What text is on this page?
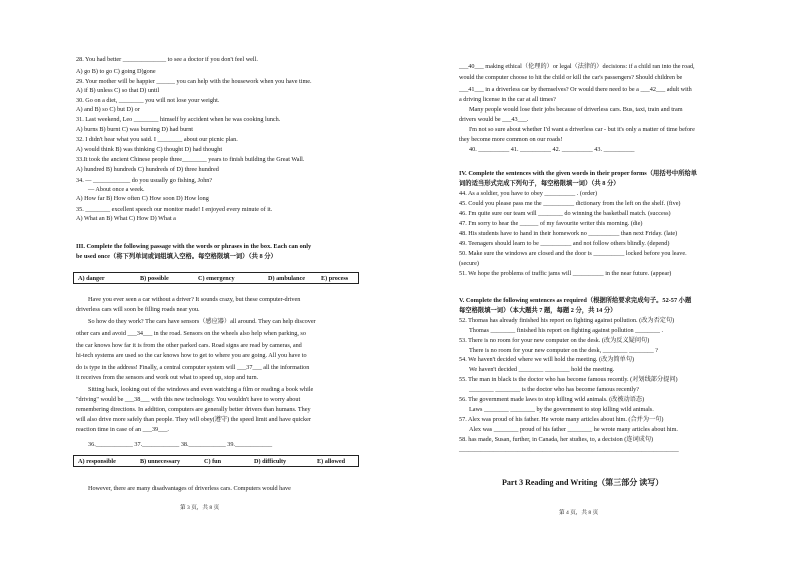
28. You had better ______________ to see a doctor if you don't feel well.
A) go B) to go C) going D)gone
29. Your mother will be happier ______ you can help with the housework when you have time.
A) if B) unless C) so that D) until
30. Go on a diet, ________ you will not lose your weight.
A) and B) so C) but D) or
31. Last weekend, Leo ________ himself by accident when he was cooking lunch.
A) burns B) burnt C) was burning D) had burnt
32. I didn't hear what you said. I ________ about our picnic plan.
A) would think B) was thinking C) thought D) had thought
33.It took the ancient Chinese people three________ years to finish building the Great Wall.
A) hundred B) hundreds C) hundreds of D) three hundred
34. — ____________ do you usually go fishing, John?
— About once a week.
A) How far B) How often C) How soon D) How long
35. ________ excellent speech our monitor made! I enjoyed every minute of it.
A) What an B) What C) How D) What a
III. Complete the following passage with the words or phrases in the box. Each can only
be used once（将下列单词或词组填入空格。每空格限填一词）（共 8 分）
Have you ever seen a car without a driver? It sounds crazy, but these computer-driven
driverless cars will soon be filling roads near you.
So how do they work? The cars have sensors（感应器）all around. They can help discover
other cars and avoid ___34___ in the road. Sensors on the wheels also help when parking, so
the car knows how far it is from the other parked cars. Road signs are read by cameras, and
hi-tech systems are used so the car knows how to get to where you are going. All you have to
do is type in the address! Finally, a central computer system will ___37___ all the information
it receives from the sensors and work out what to speed up, stop and turn.
Sitting back, looking out of the windows and even watching a film or reading a book while
"driving" would be ___38___ with this new technology. You wouldn't have to worry about
remembering directions. In addition, computers are generally better drivers than humans. They
will also drive more safely than people. They will obey(遵守) the speed limit and have quicker
reaction time in case of an ___39___.
36.____________ 37.____________ 38.____________ 39.____________
However, there are many disadvantages of driverless cars. Computers would have
A) danger	B) possible	C) emergency	D) ambulance	E) process
A) responsible	B) unnecessary	C) fun	D) difficulty	E) allowed
第 3 页，共 8 页
___40___ making ethical（伦理的）or legal（法律的）decisions: if a child ran into the road,
would the computer choose to hit the child or kill the car's passengers? Should children be
___41___ in a driverless car by themselves? Or would there need to be a ___42___ adult with
a driving license in the car at all times?
Many people would lose their jobs because of driverless cars. Bus, taxi, train and tram
drivers would be ___43___.
I'm not so sure about whether I'd want a driverless car - but it's only a matter of time before
they become more common on our roads!
40. __________ 41. __________ 42. __________ 43. __________
IV. Complete the sentences with the given words in their proper forms（用括号中所给单
词的适当形式完成下列句子，每空格限填一词）（共 8 分）
44. As a soldier, you have to obey __________ . (order)
45. Could you please pass me the __________ dictionary from the left on the shelf. (five)
46. I'm quite sure our team will ________ do winning the basketball match. (success)
47. I'm sorry to hear the ______ of my favourite writer this morning. (die)
48. His students have to hand in their homework no __________ than next Friday. (late)
49. Teenagers should learn to be __________ and not follow others blindly. (depend)
50. Make sure the windows are closed and the door is __________ locked before you leave.
(secure)
51. We hope the problems of traffic jams will __________ in the near future. (appear)
V. Complete the following sentences as required（根据所给要求完成句子。52-57 小题
每空格限填一词）（本大题共 7 题，每题 2 分，共 14 分）
52. Thomas has already finished his report on fighting against pollution. (改为否定句)
Thomas ________ finished his report on fighting against pollution ________ .
53. There is no room for your new computer on the desk. (改为反义疑问句)
There is no room for your new computer on the desk, ________ ________ ?
54. We haven't decided where we will hold the meeting. (改为简单句)
We haven't decided ________ ________ hold the meeting.
55. The man in black is the doctor who has become famous recently. (对划线部分提问)
________ ________ is the doctor who has become famous recently?
56. The government made laws to stop killing wild animals. (改被动语态)
Laws ________ ________ by the government to stop killing wild animals.
57. Alex was proud of his father. He wrote many articles about him. (合并为一句)
Alex was ________ proud of his father ________ he wrote many articles about him.
58. has made, Susan, further, in Canada, her studies, to, a decision (连词成句)
_______________________________________________________________________
Part 3 Reading and Writing（第三部分 读写）
第 4 页，共 8 页
